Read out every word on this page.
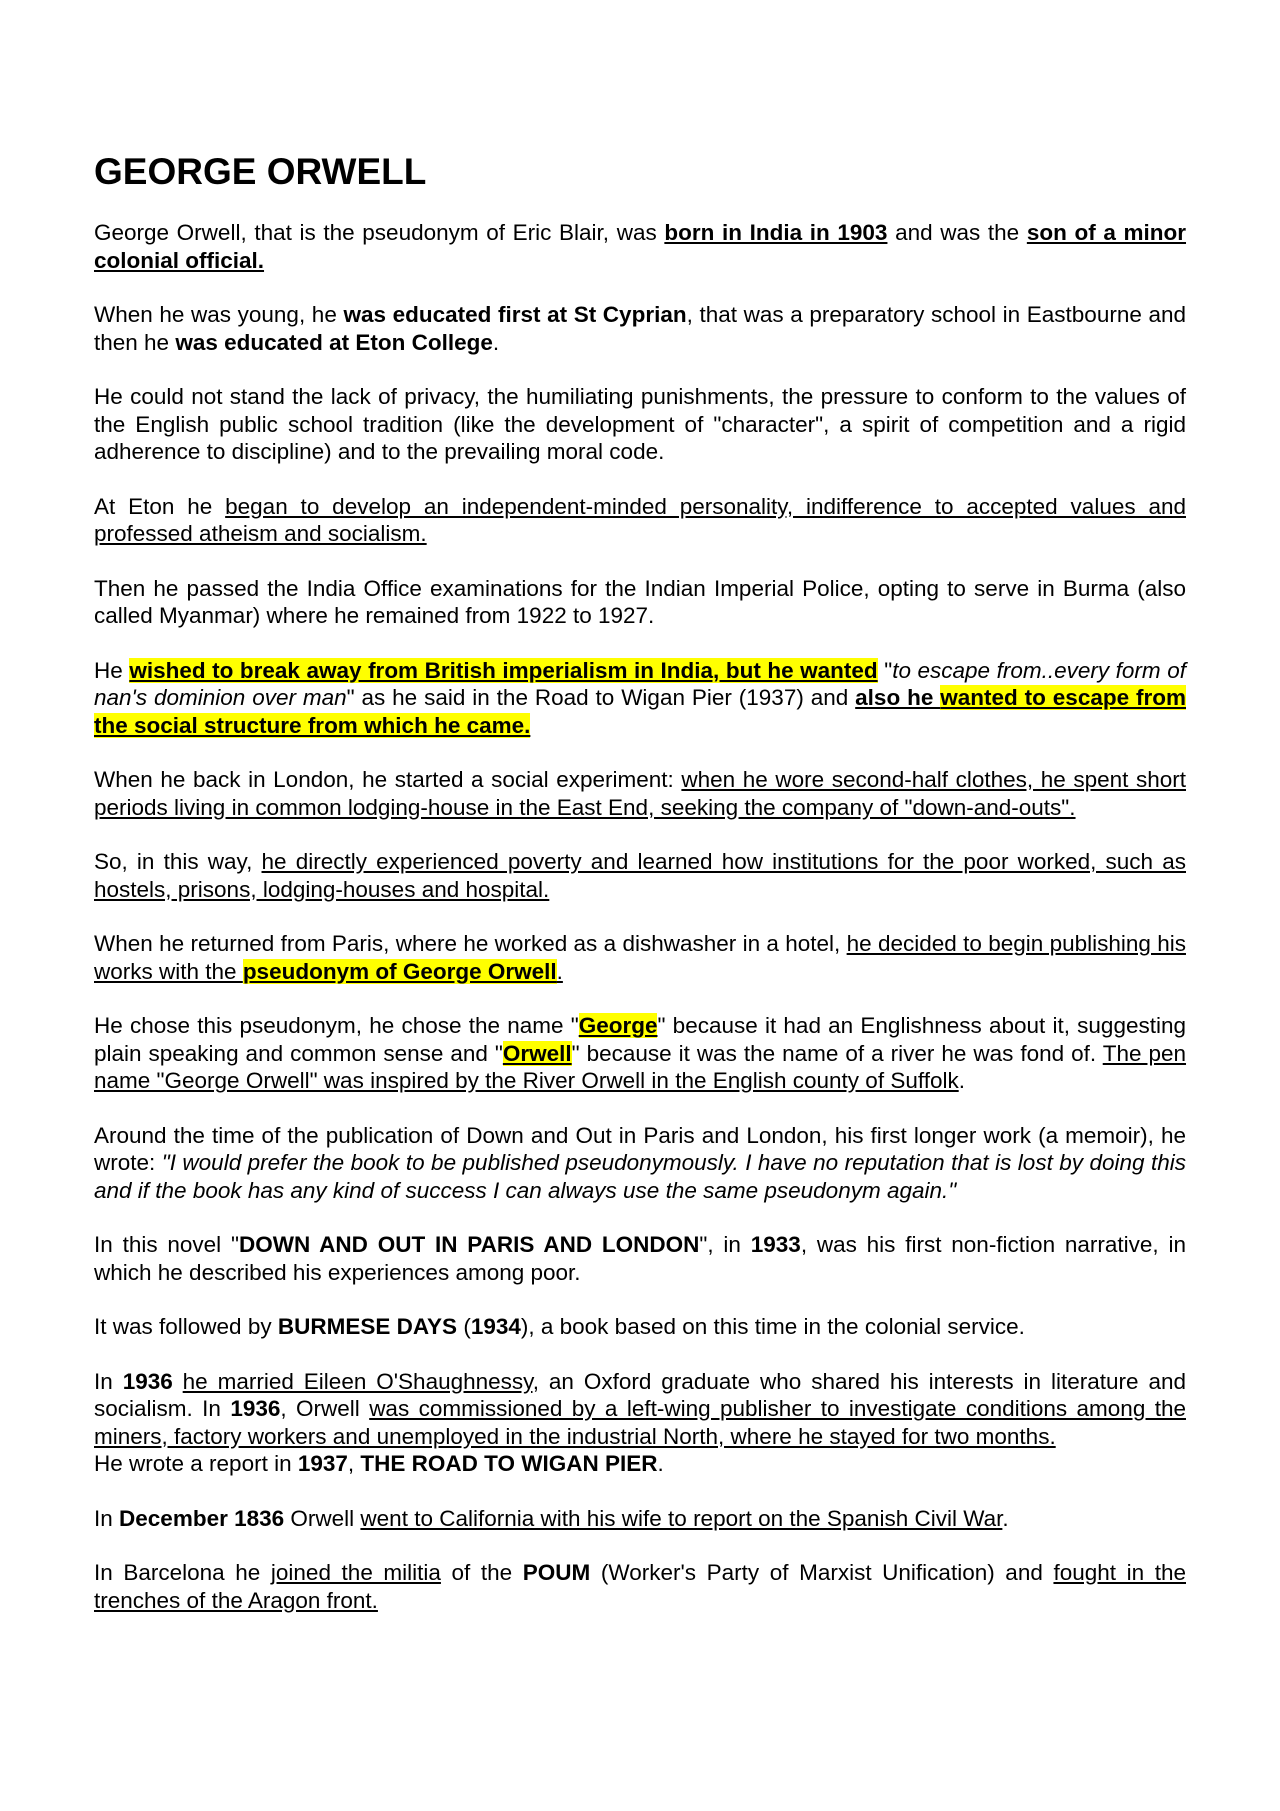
GEORGE ORWELL

George Orwell, that is the pseudonym of Eric Blair, was born in India in 1903 and was the son of a minor colonial official.

When he was young, he was educated first at St Cyprian, that was a preparatory school in Eastbourne and then he was educated at Eton College.

He could not stand the lack of privacy, the humiliating punishments, the pressure to conform to the values of the English public school tradition (like the development of "character", a spirit of competition and a rigid adherence to discipline) and to the prevailing moral code.

At Eton he began to develop an independent-minded personality, indifference to accepted values and professed atheism and socialism.

Then he passed the India Office examinations for the Indian Imperial Police, opting to serve in Burma (also called Myanmar) where he remained from 1922 to 1927.

He wished to break away from British imperialism in India, but he wanted "to escape from..every form of nan's dominion over man" as he said in the Road to Wigan Pier (1937) and also he wanted to escape from the social structure from which he came.

When he back in London, he started a social experiment: when he wore second-half clothes, he spent short periods living in common lodging-house in the East End, seeking the company of "down-and-outs".

So, in this way, he directly experienced poverty and learned how institutions for the poor worked, such as hostels, prisons, lodging-houses and hospital.

When he returned from Paris, where he worked as a dishwasher in a hotel, he decided to begin publishing his works with the pseudonym of George Orwell.

He chose this pseudonym, he chose the name "George" because it had an Englishness about it, suggesting plain speaking and common sense and "Orwell" because it was the name of a river he was fond of. The pen name "George Orwell" was inspired by the River Orwell in the English county of Suffolk.

Around the time of the publication of Down and Out in Paris and London, his first longer work (a memoir), he wrote: "I would prefer the book to be published pseudonymously. I have no reputation that is lost by doing this and if the book has any kind of success I can always use the same pseudonym again."

In this novel "DOWN AND OUT IN PARIS AND LONDON", in 1933, was his first non-fiction narrative, in which he described his experiences among poor.

It was followed by BURMESE DAYS (1934), a book based on this time in the colonial service.

In 1936 he married Eileen O'Shaughnessy, an Oxford graduate who shared his interests in literature and socialism. In 1936, Orwell was commissioned by a left-wing publisher to investigate conditions among the miners, factory workers and unemployed in the industrial North, where he stayed for two months.
He wrote a report in 1937, THE ROAD TO WIGAN PIER.

In December 1836 Orwell went to California with his wife to report on the Spanish Civil War.

In Barcelona he joined the militia of the POUM (Worker's Party of Marxist Unification) and fought in the trenches of the Aragon front.
